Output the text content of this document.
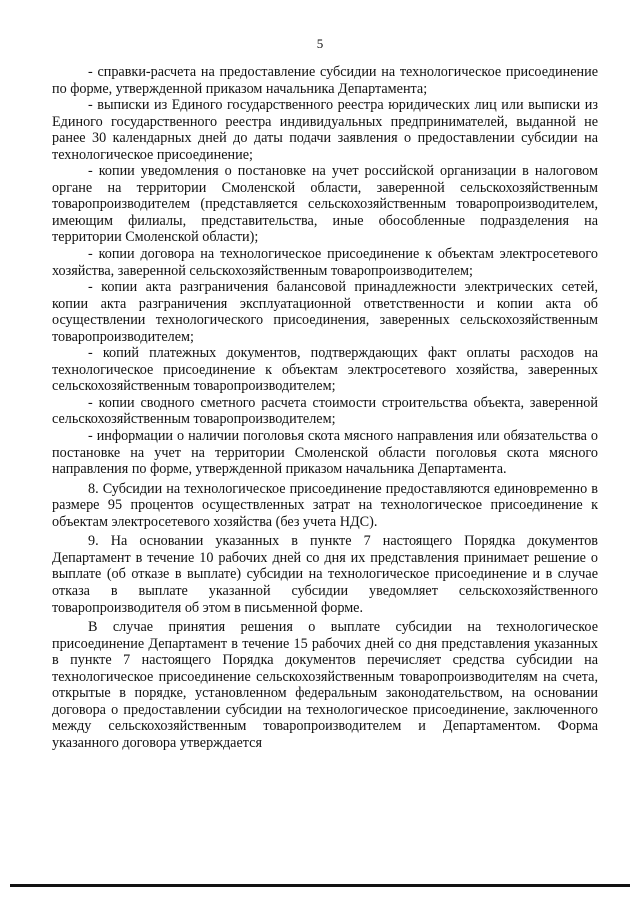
5

- справки-расчета на предоставление субсидии на технологическое присоединение по форме, утвержденной приказом начальника Департамента;

- выписки из Единого государственного реестра юридических лиц или выписки из Единого государственного реестра индивидуальных предпринимателей, выданной не ранее 30 календарных дней до даты подачи заявления о предоставлении субсидии на технологическое присоединение;

- копии уведомления о постановке на учет российской организации в налоговом органе на территории Смоленской области, заверенной сельскохозяйственным товаропроизводителем (представляется сельскохозяйственным товаропроизводителем, имеющим филиалы, представительства, иные обособленные подразделения на территории Смоленской области);

- копии договора на технологическое присоединение к объектам электросетевого хозяйства, заверенной сельскохозяйственным товаропроизводителем;

- копии акта разграничения балансовой принадлежности электрических сетей, копии акта разграничения эксплуатационной ответственности и копии акта об осуществлении технологического присоединения, заверенных сельскохозяйственным товаропроизводителем;

- копий платежных документов, подтверждающих факт оплаты расходов на технологическое присоединение к объектам электросетевого хозяйства, заверенных сельскохозяйственным товаропроизводителем;

- копии сводного сметного расчета стоимости строительства объекта, заверенной сельскохозяйственным товаропроизводителем;

- информации о наличии поголовья скота мясного направления или обязательства о постановке на учет на территории Смоленской области поголовья скота мясного направления по форме, утвержденной приказом начальника Департамента.

8. Субсидии на технологическое присоединение предоставляются единовременно в размере 95 процентов осуществленных затрат на технологическое присоединение к объектам электросетевого хозяйства (без учета НДС).

9. На основании указанных в пункте 7 настоящего Порядка документов Департамент в течение 10 рабочих дней со дня их представления принимает решение о выплате (об отказе в выплате) субсидии на технологическое присоединение и в случае отказа в выплате указанной субсидии уведомляет сельскохозяйственного товаропроизводителя об этом в письменной форме.

В случае принятия решения о выплате субсидии на технологическое присоединение Департамент в течение 15 рабочих дней со дня представления указанных в пункте 7 настоящего Порядка документов перечисляет средства субсидии на технологическое присоединение сельскохозяйственным товаропроизводителям на счета, открытые в порядке, установленном федеральным законодательством, на основании договора о предоставлении субсидии на технологическое присоединение, заключенного между сельскохозяйственным товаропроизводителем и Департаментом. Форма указанного договора утверждается
